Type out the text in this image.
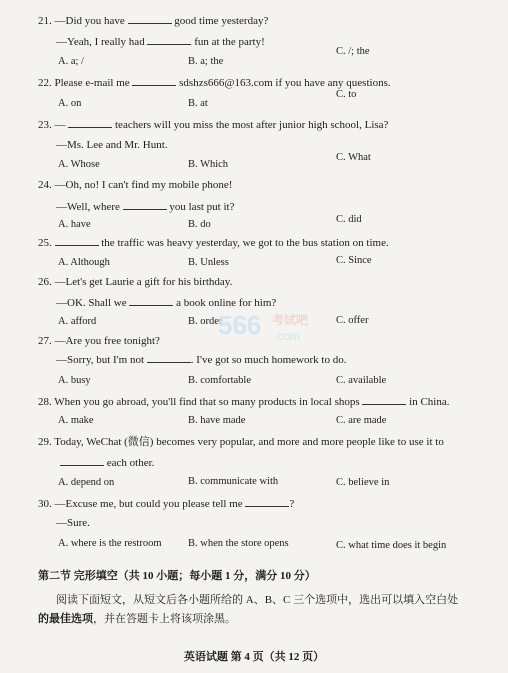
21. —Did you have	good time yesterday?
—Yeah, I really had	fun at the party!
A. a; /	B. a; the
C. /; the
22. Please e-mail me	sdshzs666@163.com if you have any questions.
A. on	B. at
C. to
23. —	teachers will you miss the most after junior high school, Lisa?
—Ms. Lee and Mr. Hunt.
A. Whose	B. Which
C. What
24. —Oh, no! I can't find my mobile phone!
—Well, where	you last put it?
A. have	B. do	C. did
25.	the traffic was heavy yesterday, we got to the bus station on time.
A. Although	B. Unless	C. Since
26. —Let's get Laurie a gift for his birthday.
—OK. Shall we	a book online for him?
A. afford	B. order	C. offer
27. —Are you free tonight?
—Sorry, but I'm not	. I've got so much homework to do.
A. busy	B. comfortable	C. available
566 考试吧
.com
28. When you go abroad, you'll find that so many products in local shops	in China.
A. make	B. have made	C. are made
29. Today, WeChat (微信) becomes very popular, and more and more people like to use it to
each other.
A. depend on	B. communicate with	C. believe in
30. —Excuse me, but could you please tell me	?
—Sure.
A. where is the restroom	B. when the store opens	C. what time does it begin
第二节 完形填空（共 10 小题；每小题 1 分，满分 10 分）
阅读下面短文，从短文后各小题所给的 A、B、C 三个选项中，选出可以填入空白处
的最佳选项，并在答题卡上将该项涂黑。
英语试题 第 4 页（共 12 页）
